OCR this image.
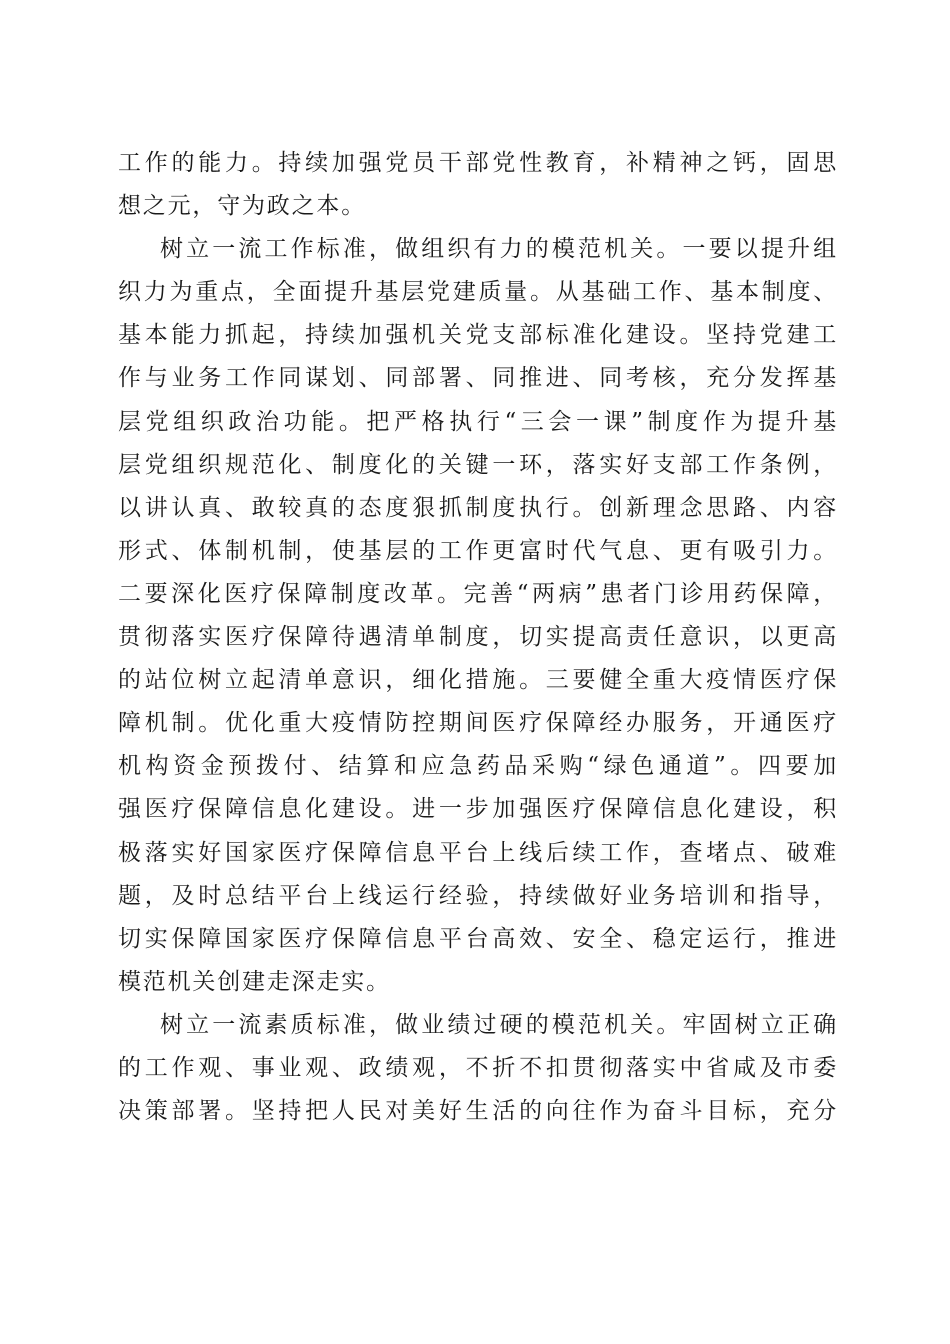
工作的能力。持续加强党员干部党性教育，补精神之钙，固思
想之元，守为政之本。
树立一流工作标准，做组织有力的模范机关。一要以提升组
织力为重点，全面提升基层党建质量。从基础工作、基本制度、
基本能力抓起，持续加强机关党支部标准化建设。坚持党建工
作与业务工作同谋划、同部署、同推进、同考核，充分发挥基
层党组织政治功能。把严格执行“三会一课”制度作为提升基
层党组织规范化、制度化的关键一环，落实好支部工作条例，
以讲认真、敢较真的态度狠抓制度执行。创新理念思路、内容
形式、体制机制，使基层的工作更富时代气息、更有吸引力。
二要深化医疗保障制度改革。完善“两病”患者门诊用药保障，
贯彻落实医疗保障待遇清单制度，切实提高责任意识，以更高
的站位树立起清单意识，细化措施。三要健全重大疫情医疗保
障机制。优化重大疫情防控期间医疗保障经办服务，开通医疗
机构资金预拨付、结算和应急药品采购“绿色通道”。四要加
强医疗保障信息化建设。进一步加强医疗保障信息化建设，积
极落实好国家医疗保障信息平台上线后续工作，查堵点、破难
题，及时总结平台上线运行经验，持续做好业务培训和指导，
切实保障国家医疗保障信息平台高效、安全、稳定运行，推进
模范机关创建走深走实。
树立一流素质标准，做业绩过硬的模范机关。牢固树立正确
的工作观、事业观、政绩观，不折不扣贯彻落实中省咸及市委
决策部署。坚持把人民对美好生活的向往作为奋斗目标，充分
